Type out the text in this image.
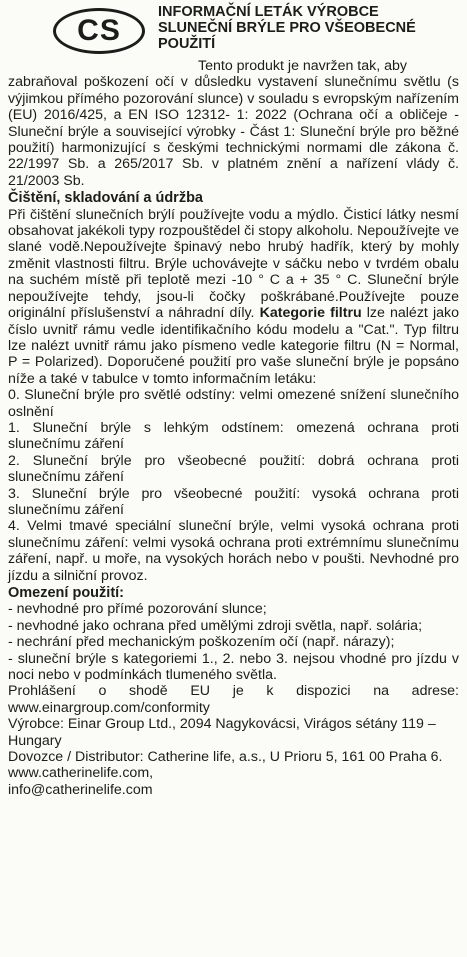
CS
INFORMAČNÍ LETÁK VÝROBCE
SLUNEČNÍ BRÝLE PRO VŠEOBECNÉ
POUŽITÍ

Tento produkt je navržen tak, aby

zabraňoval poškození očí v důsledku vystavení slunečnímu světlu (s výjimkou přímého pozorování slunce) v souladu s evropským nařízením (EU) 2016/425, a EN ISO 12312- 1: 2022 (Ochrana očí a obličeje - Sluneční brýle a související výrobky - Část 1: Sluneční brýle pro běžné použití) harmonizující s českými technickými normami dle zákona č. 22/1997 Sb. a 265/2017 Sb. v platném znění a nařízení vlády č. 21/2003 Sb.

Čištění, skladování a údržba

Při čištění slunečních brýlí používejte vodu a mýdlo. Čisticí látky nesmí obsahovat jakékoli typy rozpouštědel či stopy alkoholu. Nepoužívejte ve slané vodě.Nepoužívejte špinavý nebo hrubý hadřík, který by mohly změnit vlastnosti filtru. Brýle uchovávejte v sáčku nebo v tvrdém obalu na suchém místě při teplotě mezi -10 ° C a + 35 ° C. Sluneční brýle nepoužívejte tehdy, jsou-li čočky poškrábané.Používejte pouze originální příslušenství a náhradní díly. Kategorie filtru lze nalézt jako číslo uvnitř rámu vedle identifikačního kódu modelu a "Cat.". Typ filtru lze nalézt uvnitř rámu jako písmeno vedle kategorie filtru (N = Normal, P = Polarized). Doporučené použití pro vaše sluneční brýle je popsáno níže a také v tabulce v tomto informačním letáku:

0. Sluneční brýle pro světlé odstíny: velmi omezené snížení slunečního oslnění

1. Sluneční brýle s lehkým odstínem: omezená ochrana proti slunečnímu záření

2. Sluneční brýle pro všeobecné použití: dobrá ochrana proti slunečnímu záření

3. Sluneční brýle pro všeobecné použití: vysoká ochrana proti slunečnímu záření

4. Velmi tmavé speciální sluneční brýle, velmi vysoká ochrana proti slunečnímu záření: velmi vysoká ochrana proti extrémnímu slunečnímu záření, např. u moře, na vysokých horách nebo v poušti. Nevhodné pro jízdu a silniční provoz.

Omezení použití:

- nevhodné pro přímé pozorování slunce;

- nevhodné jako ochrana před umělými zdroji světla, např. solária;

- nechrání před mechanickým poškozením očí (např. nárazy);

- sluneční brýle s kategoriemi 1., 2. nebo 3. nejsou vhodné pro jízdu v noci nebo v podmínkách tlumeného světla.

Prohlášení o shodě EU je k dispozici na adrese:

www.einargroup.com/conformity

Výrobce: Einar Group Ltd., 2094 Nagykovácsi, Virágos sétány 119 – Hungary

Dovozce / Distributor: Catherine life, a.s., U Prioru 5, 161 00 Praha 6. www.catherinelife.com,

info@catherinelife.com
